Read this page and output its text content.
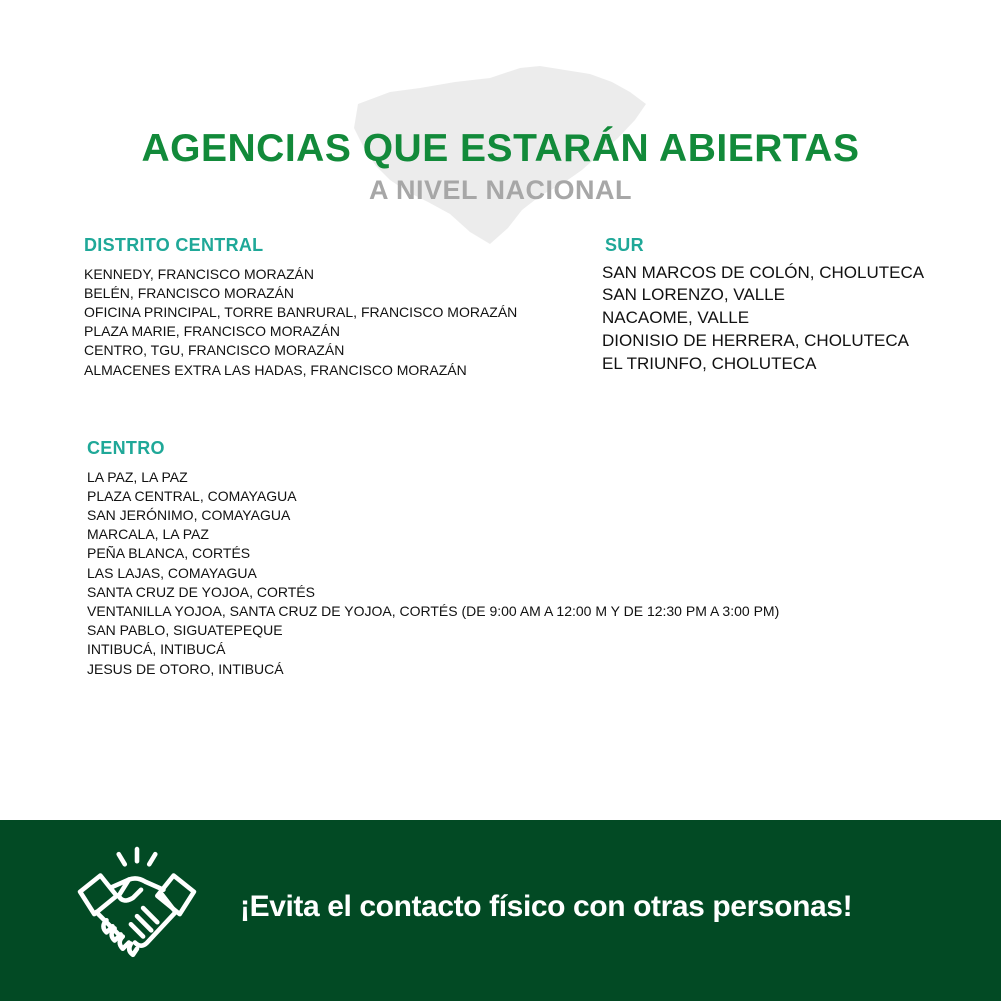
AGENCIAS QUE ESTARÁN ABIERTAS
A NIVEL NACIONAL
DISTRITO CENTRAL
KENNEDY, FRANCISCO MORAZÁN
BELÉN, FRANCISCO MORAZÁN
OFICINA PRINCIPAL, TORRE BANRURAL, FRANCISCO MORAZÁN
PLAZA MARIE, FRANCISCO MORAZÁN
CENTRO, TGU, FRANCISCO MORAZÁN
ALMACENES EXTRA LAS HADAS, FRANCISCO MORAZÁN
SUR
SAN MARCOS DE COLÓN, CHOLUTECA
SAN LORENZO, VALLE
NACAOME, VALLE
DIONISIO DE HERRERA, CHOLUTECA
EL TRIUNFO, CHOLUTECA
CENTRO
LA PAZ, LA PAZ
PLAZA CENTRAL, COMAYAGUA
SAN JERÓNIMO, COMAYAGUA
MARCALA, LA PAZ
PEÑA BLANCA, CORTÉS
LAS LAJAS, COMAYAGUA
SANTA CRUZ DE YOJOA, CORTÉS
VENTANILLA YOJOA, SANTA CRUZ DE YOJOA, CORTÉS (DE 9:00 AM A 12:00 M Y DE 12:30 PM A 3:00 PM)
SAN PABLO, SIGUATEPEQUE
INTIBUCÁ, INTIBUCÁ
JESUS DE OTORO, INTIBUCÁ

¡Evita el contacto físico con otras personas!
